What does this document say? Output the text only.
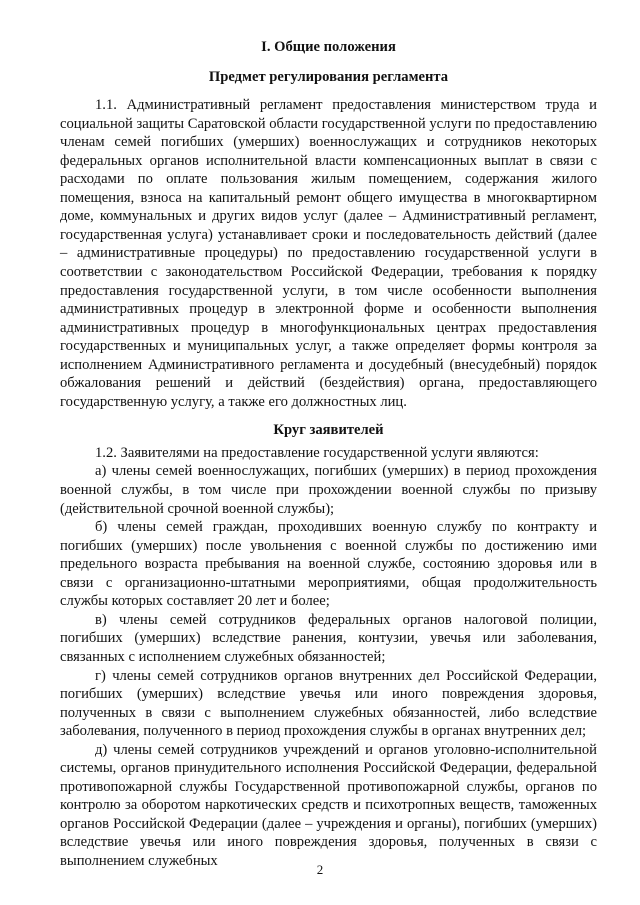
I. Общие положения
Предмет регулирования регламента

1.1. Административный регламент предоставления министерством труда и социальной защиты Саратовской области государственной услуги по предоставлению членам семей погибших (умерших) военнослужащих и сотрудников некоторых федеральных органов исполнительной власти компенсационных выплат в связи с расходами по оплате пользования жилым помещением, содержания жилого помещения, взноса на капитальный ремонт общего имущества в многоквартирном доме, коммунальных и других видов услуг (далее – Административный регламент, государственная услуга) устанавливает сроки и последовательность действий (далее – административные процедуры) по предоставлению государственной услуги в соответствии с законодательством Российской Федерации, требования к порядку предоставления государственной услуги, в том числе особенности выполнения административных процедур в электронной форме и особенности выполнения административных процедур в многофункциональных центрах предоставления государственных и муниципальных услуг, а также определяет формы контроля за исполнением Административного регламента и досудебный (внесудебный) порядок обжалования решений и действий (бездействия) органа, предоставляющего государственную услугу, а также его должностных лиц.

Круг заявителей

1.2. Заявителями на предоставление государственной услуги являются:

а) члены семей военнослужащих, погибших (умерших) в период прохождения военной службы, в том числе при прохождении военной службы по призыву (действительной срочной военной службы);

б) члены семей граждан, проходивших военную службу по контракту и погибших (умерших) после увольнения с военной службы по достижению ими предельного возраста пребывания на военной службе, состоянию здоровья или в связи с организационно-штатными мероприятиями, общая продолжительность службы которых составляет 20 лет и более;

в) члены семей сотрудников федеральных органов налоговой полиции, погибших (умерших) вследствие ранения, контузии, увечья или заболевания, связанных с исполнением служебных обязанностей;

г) члены семей сотрудников органов внутренних дел Российской Федерации, погибших (умерших) вследствие увечья или иного повреждения здоровья, полученных в связи с выполнением служебных обязанностей, либо вследствие заболевания, полученного в период прохождения службы в органах внутренних дел;

д) члены семей сотрудников учреждений и органов уголовно-исполнительной системы, органов принудительного исполнения Российской Федерации, федеральной противопожарной службы Государственной противопожарной службы, органов по контролю за оборотом наркотических средств и психотропных веществ, таможенных органов Российской Федерации (далее – учреждения и органы), погибших (умерших) вследствие увечья или иного повреждения здоровья, полученных в связи с выполнением служебных

2
